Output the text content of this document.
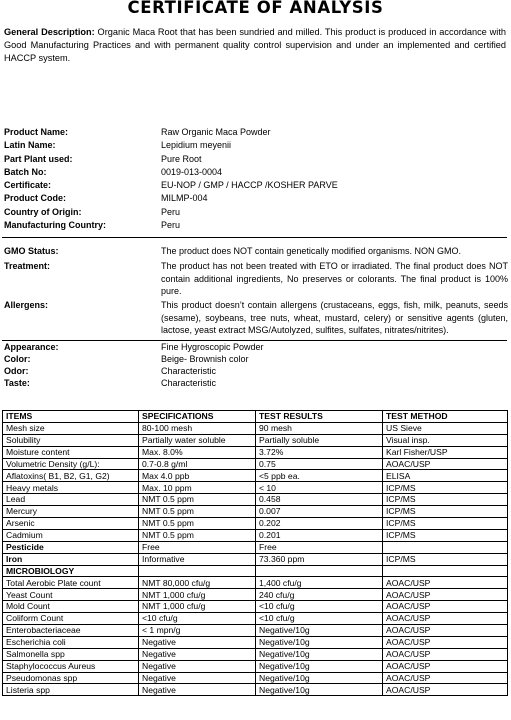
CERTIFICATE OF ANALYSIS
General Description: Organic Maca Root that has been sundried and milled. This product is produced in accordance with Good Manufacturing Practices and with permanent quality control supervision and under an implemented and certified HACCP system.
Product Name:	Raw Organic Maca Powder
Latin Name:	Lepidium meyenii
Part Plant used:	Pure Root
Batch No:	0019-013-0004
Certificate:	EU-NOP / GMP / HACCP /KOSHER PARVE
Product Code:	MILMP-004
Country of Origin:	Peru
Manufacturing Country:	Peru
GMO Status:	The product does NOT contain genetically modified organisms. NON GMO.
Treatment:	The product has not been treated with ETO or irradiated. The final product does NOT contain additional ingredients, No preserves or colorants. The final product is 100% pure.
Allergens:	This product doesn’t contain allergens (crustaceans, eggs, fish, milk, peanuts, seeds (sesame), soybeans, tree nuts, wheat, mustard, celery) or sensitive agents (gluten, lactose, yeast extract MSG/Autolyzed, sulfites, sulfates, nitrates/nitrites).
Appearance:	Fine Hygroscopic Powder
Color:	Beige- Brownish color
Odor:	Characteristic
Taste:	Characteristic
ITEMS	SPECIFICATIONS	TEST RESULTS	TEST METHOD
Mesh size	80-100 mesh	90 mesh	US Sieve
Solubility	Partially water soluble	Partially soluble	Visual insp.
Moisture content	Max. 8.0%	3.72%	Karl Fisher/USP
Volumetric Density (g/L):	0.7-0.8 g/ml	0.75	AOAC/USP
Aflatoxins( B1, B2, G1, G2)	Max 4.0 ppb	<5 ppb ea.	ELISA
Heavy metals	Max. 10 ppm	< 10	ICP/MS
Lead	NMT 0.5 ppm	0.458	ICP/MS
Mercury	NMT 0.5 ppm	0.007	ICP/MS
Arsenic	NMT 0.5 ppm	0.202	ICP/MS
Cadmium	NMT 0.5 ppm	0.201	ICP/MS
Pesticide	Free	Free	
Iron	Informative	73.360 ppm	ICP/MS
MICROBIOLOGY			
Total Aerobic Plate count	NMT 80,000 cfu/g	1,400 cfu/g	AOAC/USP
Yeast Count	NMT 1,000 cfu/g	240 cfu/g	AOAC/USP
Mold Count	NMT 1,000 cfu/g	<10 cfu/g	AOAC/USP
Coliform Count	<10 cfu/g	<10 cfu/g	AOAC/USP
Enterobacteriaceae	< 1 mpn/g	Negative/10g	AOAC/USP
Escherichia coli	Negative	Negative/10g	AOAC/USP
Salmonella spp	Negative	Negative/10g	AOAC/USP
Staphylococcus Aureus	Negative	Negative/10g	AOAC/USP
Pseudomonas spp	Negative	Negative/10g	AOAC/USP
Listeria spp	Negative	Negative/10g	AOAC/USP
